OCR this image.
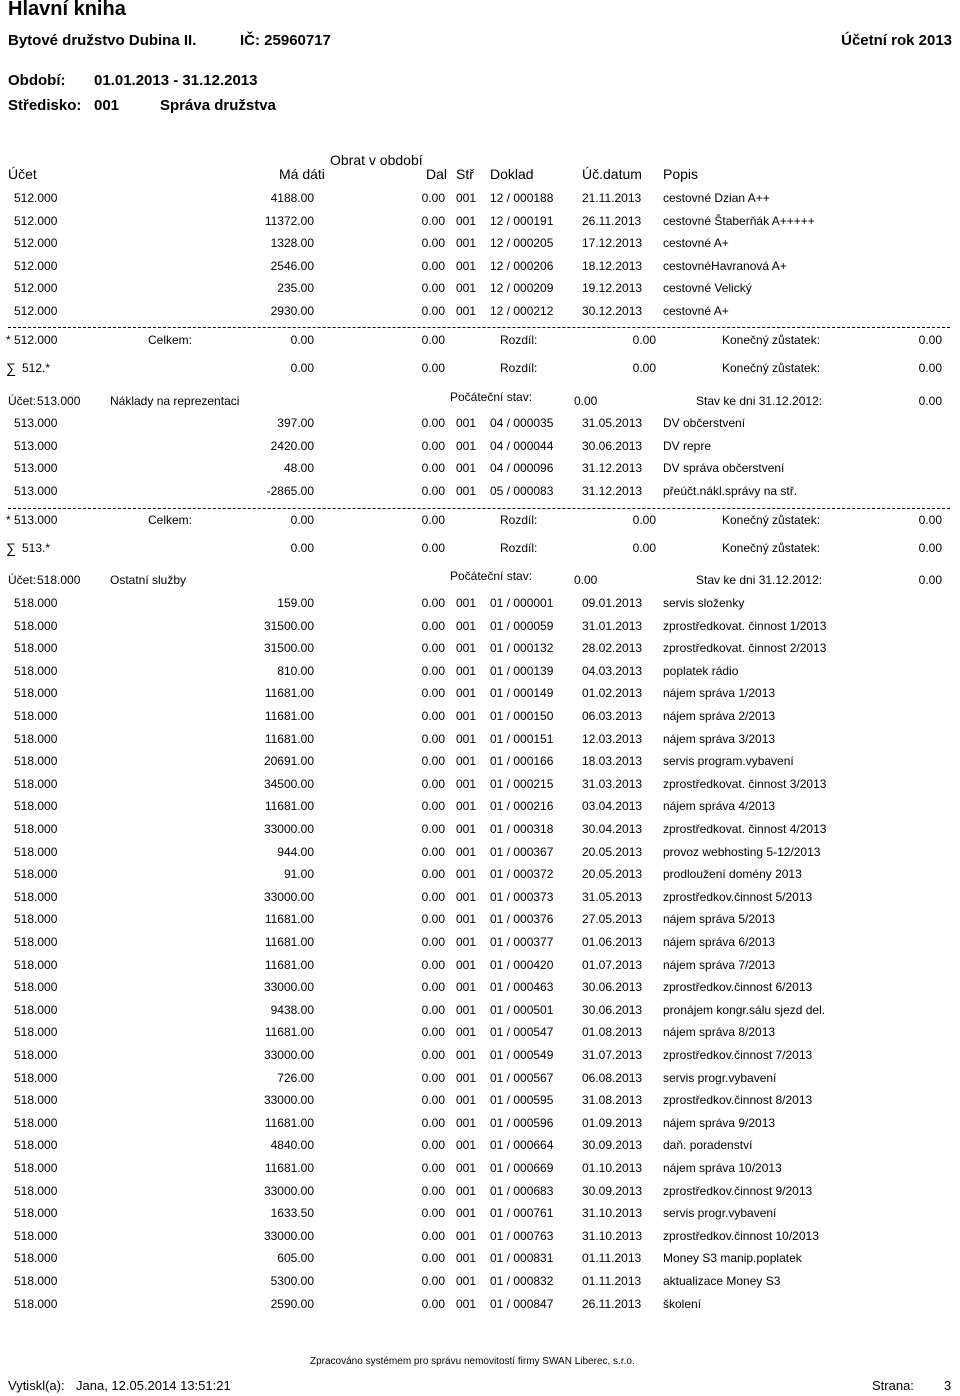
Hlavní kniha
Bytové družstvo Dubina II.	IČ: 25960717	Účetní rok 2013
Období: 01.01.2013 - 31.12.2013
Středisko: 001	Správa družstva
Obrat v období
Účet	Má dáti	Dal Stř Doklad	Úč.datum Popis
512.000	4188.00	0.00 001 12 / 000188 21.11.2013 cestovné Dzian A++
512.000	11372.00	0.00 001 12 / 000191 26.11.2013 cestovné Štaberňák A+++++
512.000	1328.00	0.00 001 12 / 000205 17.12.2013 cestovné A+
512.000	2546.00	0.00 001 12 / 000206 18.12.2013 cestovnéHavranová A+
512.000	235.00	0.00 001 12 / 000209 19.12.2013 cestovné Velický
512.000	2930.00	0.00 001 12 / 000212 30.12.2013 cestovné A+
* 512.000	Celkem:	0.00	0.00	Rozdíl:	0.00	Konečný zůstatek:	0.00
∑ 512.*	0.00	0.00	Rozdíl:	0.00	Konečný zůstatek:	0.00
Účet: 513.000 Náklady na reprezentaci	Počáteční stav:	0.00	Stav ke dni 31.12.2012:	0.00
513.000	397.00	0.00 001 04 / 000035 31.05.2013 DV občerstvení
513.000	2420.00	0.00 001 04 / 000044 30.06.2013 DV repre
513.000	48.00	0.00 001 04 / 000096 31.12.2013 DV správa občerstvení
513.000	-2865.00	0.00 001 05 / 000083 31.12.2013 přeúčt.nákl.správy na stř.
* 513.000	Celkem:	0.00	0.00	Rozdíl:	0.00	Konečný zůstatek:	0.00
∑ 513.*	0.00	0.00	Rozdíl:	0.00	Konečný zůstatek:	0.00
Účet: 518.000 Ostatní služby	Počáteční stav:	0.00	Stav ke dni 31.12.2012:	0.00
518.000	159.00	0.00 001 01 / 000001 09.01.2013 servis složenky
518.000	31500.00	0.00 001 01 / 000059 31.01.2013 zprostředkovat. činnost 1/2013
518.000	31500.00	0.00 001 01 / 000132 28.02.2013 zprostředkovat. činnost 2/2013
518.000	810.00	0.00 001 01 / 000139 04.03.2013 poplatek rádio
518.000	11681.00	0.00 001 01 / 000149 01.02.2013 nájem správa 1/2013
518.000	11681.00	0.00 001 01 / 000150 06.03.2013 nájem správa 2/2013
518.000	11681.00	0.00 001 01 / 000151 12.03.2013 nájem správa 3/2013
518.000	20691.00	0.00 001 01 / 000166 18.03.2013 servis program.vybavení
518.000	34500.00	0.00 001 01 / 000215 31.03.2013 zprostředkovat. činnost 3/2013
518.000	11681.00	0.00 001 01 / 000216 03.04.2013 nájem správa 4/2013
518.000	33000.00	0.00 001 01 / 000318 30.04.2013 zprostředkovat. činnost 4/2013
518.000	944.00	0.00 001 01 / 000367 20.05.2013 provoz webhosting 5-12/2013
518.000	91.00	0.00 001 01 / 000372 20.05.2013 prodloužení domény 2013
518.000	33000.00	0.00 001 01 / 000373 31.05.2013 zprostředkov.činnost 5/2013
518.000	11681.00	0.00 001 01 / 000376 27.05.2013 nájem správa 5/2013
518.000	11681.00	0.00 001 01 / 000377 01.06.2013 nájem správa 6/2013
518.000	11681.00	0.00 001 01 / 000420 01.07.2013 nájem správa 7/2013
518.000	33000.00	0.00 001 01 / 000463 30.06.2013 zprostředkov.činnost 6/2013
518.000	9438.00	0.00 001 01 / 000501 30.06.2013 pronájem kongr.sálu sjezd del.
518.000	11681.00	0.00 001 01 / 000547 01.08.2013 nájem správa 8/2013
518.000	33000.00	0.00 001 01 / 000549 31.07.2013 zprostředkov.činnost 7/2013
518.000	726.00	0.00 001 01 / 000567 06.08.2013 servis progr.vybavení
518.000	33000.00	0.00 001 01 / 000595 31.08.2013 zprostředkov.činnost 8/2013
518.000	11681.00	0.00 001 01 / 000596 01.09.2013 nájem správa 9/2013
518.000	4840.00	0.00 001 01 / 000664 30.09.2013 daň. poradenství
518.000	11681.00	0.00 001 01 / 000669 01.10.2013 nájem správa 10/2013
518.000	33000.00	0.00 001 01 / 000683 30.09.2013 zprostředkov.činnost 9/2013
518.000	1633.50	0.00 001 01 / 000761 31.10.2013 servis progr.vybavení
518.000	33000.00	0.00 001 01 / 000763 31.10.2013 zprostředkov.činnost 10/2013
518.000	605.00	0.00 001 01 / 000831 01.11.2013 Money S3 manip.poplatek
518.000	5300.00	0.00 001 01 / 000832 01.11.2013 aktualizace Money S3
518.000	2590.00	0.00 001 01 / 000847 26.11.2013 školení
Zpracováno systémem pro správu nemovitostí firmy SWAN Liberec, s.r.o.
Vytiskl(a): Jana, 12.05.2014 13:51:21	Strana: 3
